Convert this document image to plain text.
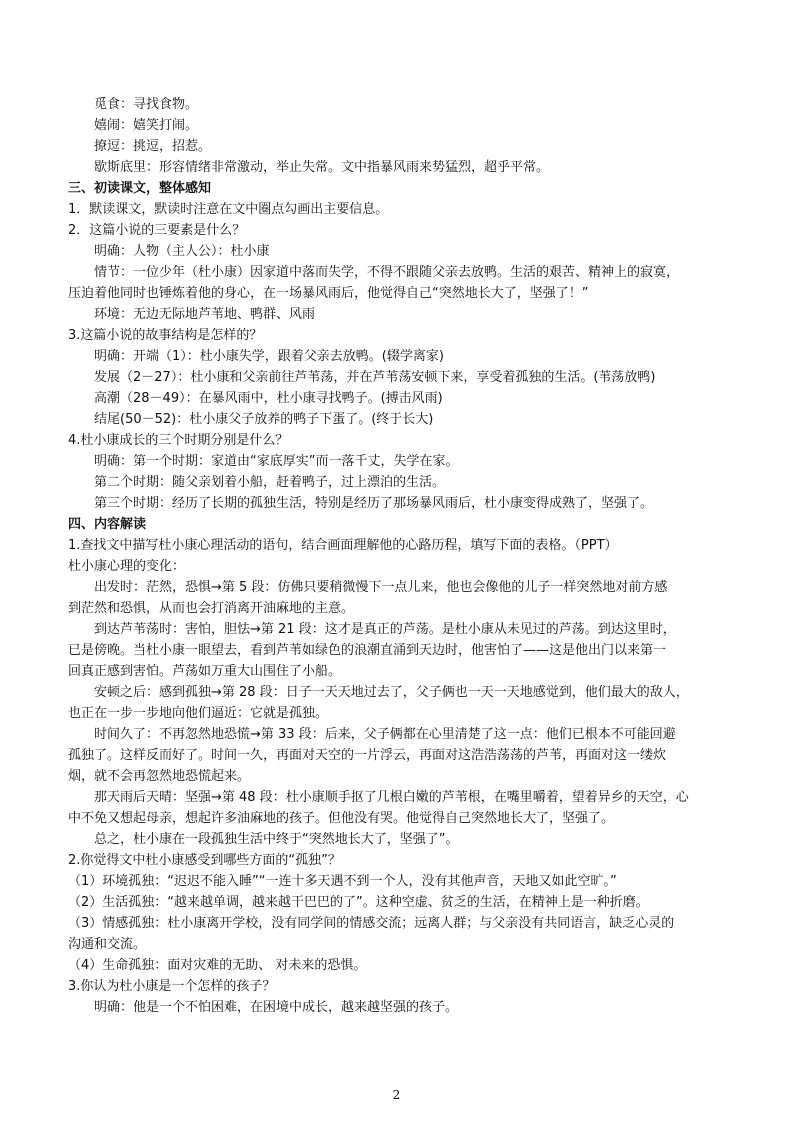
觅食：寻找食物。
嬉闹：嬉笑打闹。
撩逗：挑逗，招惹。
歇斯底里：形容情绪非常激动，举止失常。文中指暴风雨来势猛烈，超乎平常。
三、初读课文，整体感知
1．默读课文，默读时注意在文中圈点勾画出主要信息。
2．这篇小说的三要素是什么？
明确：人物（主人公）：杜小康
情节：一位少年（杜小康）因家道中落而失学，不得不跟随父亲去放鸭。生活的艰苦、精神上的寂寞，
压迫着他同时也锤炼着他的身心，在一场暴风雨后，他觉得自己“突然地长大了，坚强了！”
环境：无边无际地芦苇地、鸭群、风雨
3.这篇小说的故事结构是怎样的？
明确：开端（1）：杜小康失学，跟着父亲去放鸭。(辍学离家)
发展（2－27）：杜小康和父亲前往芦苇荡，并在芦苇荡安顿下来，享受着孤独的生活。(苇荡放鸭)
高潮（28－49）：在暴风雨中，杜小康寻找鸭子。(搏击风雨)
结尾(50－52)：杜小康父子放养的鸭子下蛋了。(终于长大)
4.杜小康成长的三个时期分别是什么？
明确：第一个时期：家道由“家底厚实”而一落千丈，失学在家。
第二个时期：随父亲划着小船，赶着鸭子，过上漂泊的生活。
第三个时期：经历了长期的孤独生活，特别是经历了那场暴风雨后，杜小康变得成熟了，坚强了。
四、内容解读
1.查找文中描写杜小康心理活动的语句，结合画面理解他的心路历程，填写下面的表格。（PPT）
杜小康心理的变化：
出发时：茫然，恐惧→第 5 段：仿佛只要稍微慢下一点儿来，他也会像他的儿子一样突然地对前方感
到茫然和恐惧，从而也会打消离开油麻地的主意。
到达芦苇荡时：害怕，胆怯→第 21 段：这才是真正的芦荡。是杜小康从未见过的芦荡。到达这里时，
已是傍晚。当杜小康一眼望去，看到芦苇如绿色的浪潮直涌到天边时，他害怕了——这是他出门以来第一
回真正感到害怕。芦荡如万重大山围住了小船。
安顿之后：感到孤独→第 28 段：日子一天天地过去了，父子俩也一天一天地感觉到，他们最大的敌人，
也正在一步一步地向他们逼近：它就是孤独。
时间久了：不再忽然地恐慌→第 33 段：后来，父子俩都在心里清楚了这一点：他们已根本不可能回避
孤独了。这样反而好了。时间一久，再面对天空的一片浮云，再面对这浩浩荡荡的芦苇，再面对这一缕炊
烟，就不会再忽然地恐慌起来。
那天雨后天晴：坚强→第 48 段：杜小康顺手抠了几根白嫩的芦苇根，在嘴里嚼着，望着异乡的天空，心
中不免又想起母亲，想起许多油麻地的孩子。但他没有哭。他觉得自己突然地长大了，坚强了。
总之，杜小康在一段孤独生活中终于“突然地长大了，坚强了”。
2.你觉得文中杜小康感受到哪些方面的“孤独”？
（1）环境孤独：“迟迟不能入睡”“一连十多天遇不到一个人，没有其他声音，天地又如此空旷。”
（2）生活孤独：“越来越单调，越来越干巴巴的了”。这种空虚、贫乏的生活，在精神上是一种折磨。
（3）情感孤独：杜小康离开学校，没有同学间的情感交流；远离人群；与父亲没有共同语言，缺乏心灵的
沟通和交流。
（4）生命孤独：面对灾难的无助、 对未来的恐惧。
3.你认为杜小康是一个怎样的孩子？
明确：他是一个不怕困难，在困境中成长，越来越坚强的孩子。
2
